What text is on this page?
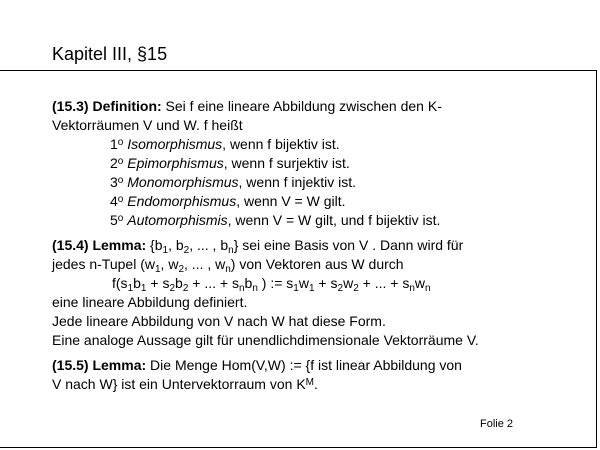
Kapitel III, §15
(15.3) Definition: Sei f eine lineare Abbildung zwischen den K-
Vektorräumen V und W. f heißt
1$^o$ Isomorphismus, wenn f bijektiv ist.
2$^o$ Epimorphismus, wenn f surjektiv ist.
3$^o$ Monomorphismus, wenn f injektiv ist.
4$^o$ Endomorphismus, wenn V = W gilt.
5$^o$ Automorphismis, wenn V = W gilt, und f bijektiv ist.
(15.4) Lemma: {$b_1$, $b_2$, ... , $b_n$} sei eine Basis von V . Dann wird für
jedes n-Tupel ($w_1$, $w_2$, ... , $w_n$) von Vektoren aus W durch
$f(s_1b_1 + s_2b_2$ + ... + $s_nb_n$ ) := $s_1w_1 + s_2w_2$ + ... + $s_nw_n$
eine lineare Abbildung definiert.
Jede lineare Abbildung von V nach W hat diese Form.
Eine analoge Aussage gilt für unendlichdimensionale Vektorräume V.
(15.5) Lemma: Die Menge Hom(V,W) := {f ist linear Abbildung von
V nach W} ist ein Untervektorraum von $K^M$.
Folie 2
